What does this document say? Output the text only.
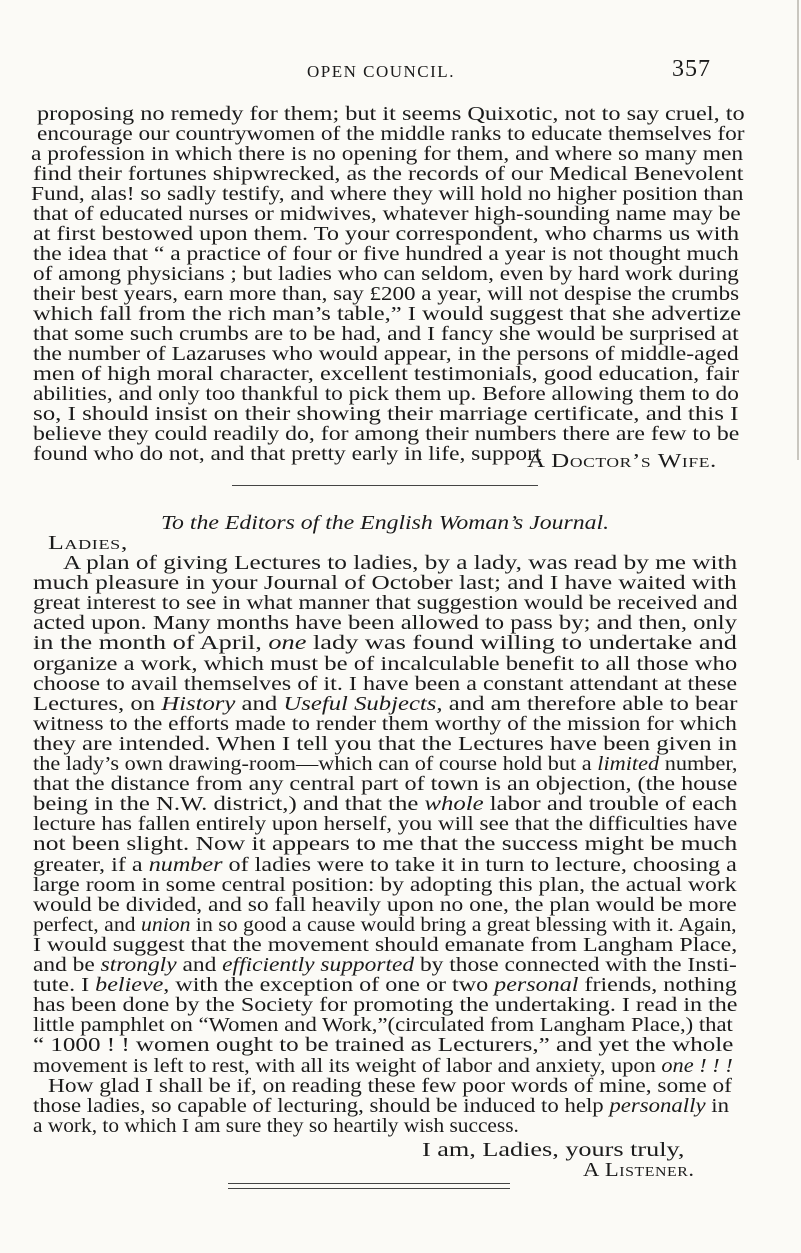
OPEN COUNCIL.	357
proposing no remedy for them; but it seems Quixotic, not to say cruel, to
encourage our countrywomen of the middle ranks to educate themselves for
a profession in which there is no opening for them, and where so many men
find their fortunes shipwrecked, as the records of our Medical Benevolent
Fund, alas! so sadly testify, and where they will hold no higher position than
that of educated nurses or midwives, whatever high-sounding name may be
at first bestowed upon them. To your correspondent, who charms us with
the idea that “ a practice of four or five hundred a year is not thought much
of among physicians ; but ladies who can seldom, even by hard work during
their best years, earn more than, say £200 a year, will not despise the crumbs
which fall from the rich man’s table,” I would suggest that she advertize
that some such crumbs are to be had, and I fancy she would be surprised at
the number of Lazaruses who would appear, in the persons of middle-aged
men of high moral character, excellent testimonials, good education, fair
abilities, and only too thankful to pick them up. Before allowing them to do
so, I should insist on their showing their marriage certificate, and this I
believe they could readily do, for among their numbers there are few to be
found who do not, and that pretty early in life, support
A Doctor’s Wife.
To the Editors of the English Woman’s Journal.
Ladies,
A plan of giving Lectures to ladies, by a lady, was read by me with
much pleasure in your Journal of October last; and I have waited with
great interest to see in what manner that suggestion would be received and
acted upon. Many months have been allowed to pass by; and then, only
in the month of April, one lady was found willing to undertake and
organize a work, which must be of incalculable benefit to all those who
choose to avail themselves of it. I have been a constant attendant at these
Lectures, on History and Useful Subjects, and am therefore able to bear
witness to the efforts made to render them worthy of the mission for which
they are intended. When I tell you that the Lectures have been given in
the lady’s own drawing-room—which can of course hold but a limited number,
that the distance from any central part of town is an objection, (the house
being in the N.W. district,) and that the whole labor and trouble of each
lecture has fallen entirely upon herself, you will see that the difficulties have
not been slight. Now it appears to me that the success might be much
greater, if a number of ladies were to take it in turn to lecture, choosing a
large room in some central position: by adopting this plan, the actual work
would be divided, and so fall heavily upon no one, the plan would be more
perfect, and union in so good a cause would bring a great blessing with it. Again,
I would suggest that the movement should emanate from Langham Place,
and be strongly and efficiently supported by those connected with the Insti-
tute. I believe, with the exception of one or two personal friends, nothing
has been done by the Society for promoting the undertaking. I read in the
little pamphlet on “Women and Work,”(circulated from Langham Place,) that
“ 1000 ! ! women ought to be trained as Lecturers,” and yet the whole
movement is left to rest, with all its weight of labor and anxiety, upon one ! ! !
How glad I shall be if, on reading these few poor words of mine, some of
those ladies, so capable of lecturing, should be induced to help personally in
a work, to which I am sure they so heartily wish success.
I am, Ladies, yours truly,
A Listener.
